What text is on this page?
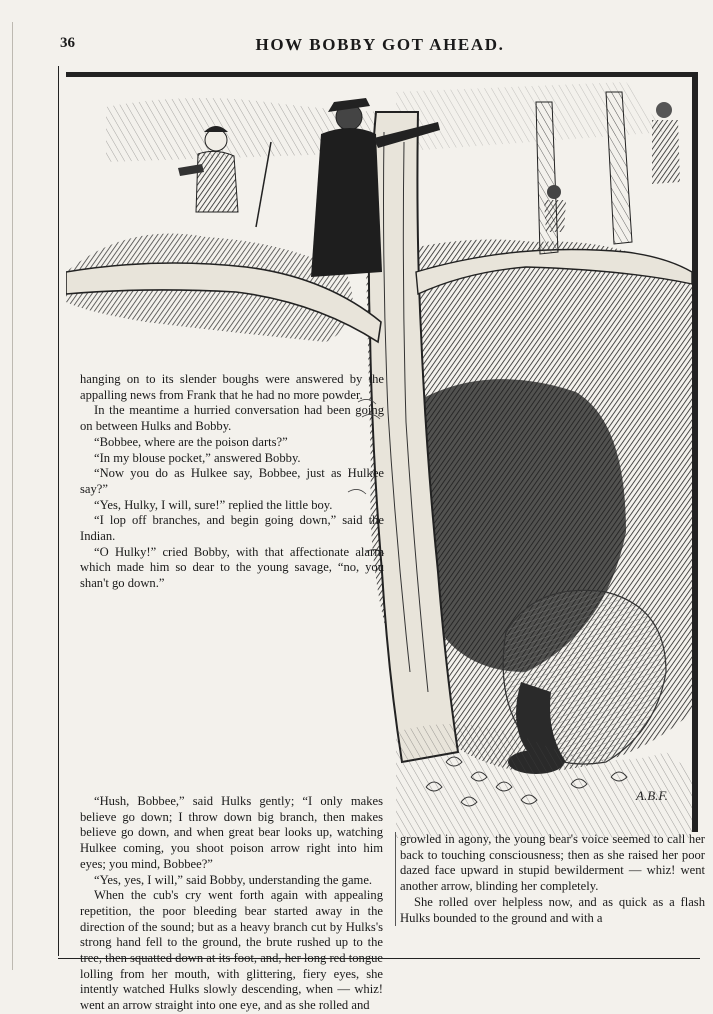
36	HOW BOBBY GOT AHEAD.
A.B.F.

hanging on to its slender boughs were answered by the appalling news from Frank that he had no more powder.

In the meantime a hurried conversation had been going on between Hulks and Bobby.

“Bobbee, where are the poison darts?”

“In my blouse pocket,” answered Bobby.

“Now you do as Hulkee say, Bobbee, just as Hulkee say?”

“Yes, Hulky, I will, sure!” replied the little boy.

“I lop off branches, and begin going down,” said the Indian.

“O Hulky!” cried Bobby, with that affectionate alarm which made him so dear to the young savage, “no, you shan't go down.”

“Hush, Bobbee,” said Hulks gently; “I only makes believe go down; I throw down big branch, then makes believe go down, and when great bear looks up, watching Hulkee coming, you shoot poison arrow right into him eyes; you mind, Bobbee?”

“Yes, yes, I will,” said Bobby, understanding the game.

When the cub's cry went forth again with appealing repetition, the poor bleeding bear started away in the direction of the sound; but as a heavy branch cut by Hulks's strong hand fell to the ground, the brute rushed up to the tree, then squatted down at its foot, and, her long red tongue lolling from her mouth, with glittering, fiery eyes, she intently watched Hulks slowly descending, when — whiz! went an arrow straight into one eye, and as she rolled and

growled in agony, the young bear's voice seemed to call her back to touching consciousness; then as she raised her poor dazed face upward in stupid bewilderment — whiz! went another arrow, blinding her completely.

She rolled over helpless now, and as quick as a flash Hulks bounded to the ground and with a
